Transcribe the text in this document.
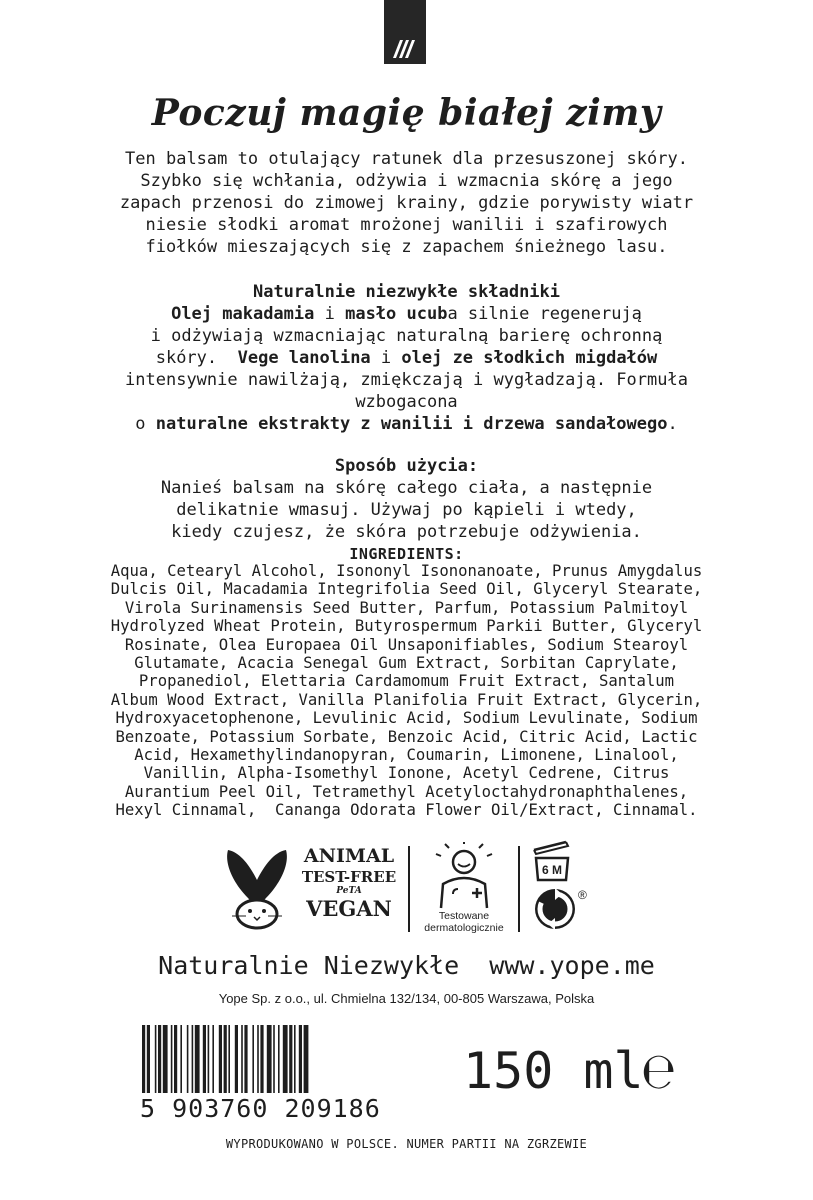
Poczuj magię białej zimy
Ten balsam to otulający ratunek dla przesuszonej skóry.
Szybko się wchłania, odżywia i wzmacnia skórę a jego
zapach przenosi do zimowej krainy, gdzie porywisty wiatr
niesie słodki aromat mrożonej wanilii i szafirowych
fiołków mieszających się z zapachem śnieżnego lasu.
Naturalnie niezwykłe składniki
Olej makadamia i masło ucuba silnie regenerują
i odżywiają wzmacniając naturalną barierę ochronną
skóry.  Vege lanolina i olej ze słodkich migdałów
intensywnie nawilżają, zmiękczają i wygładzają. Formuła
wzbogacona
o naturalne ekstrakty z wanilii i drzewa sandałowego.
Sposób użycia:
Nanieś balsam na skórę całego ciała, a następnie
delikatnie wmasuj. Używaj po kąpieli i wtedy,
kiedy czujesz, że skóra potrzebuje odżywienia.
INGREDIENTS:
Aqua, Cetearyl Alcohol, Isononyl Isononanoate, Prunus Amygdalus
Dulcis Oil, Macadamia Integrifolia Seed Oil, Glyceryl Stearate,
Virola Surinamensis Seed Butter, Parfum, Potassium Palmitoyl
Hydrolyzed Wheat Protein, Butyrospermum Parkii Butter, Glyceryl
Rosinate, Olea Europaea Oil Unsaponifiables, Sodium Stearoyl
Glutamate, Acacia Senegal Gum Extract, Sorbitan Caprylate,
Propanediol, Elettaria Cardamomum Fruit Extract, Santalum
Album Wood Extract, Vanilla Planifolia Fruit Extract, Glycerin,
Hydroxyacetophenone, Levulinic Acid, Sodium Levulinate, Sodium
Benzoate, Potassium Sorbate, Benzoic Acid, Citric Acid, Lactic
Acid, Hexamethylindanopyran, Coumarin, Limonene, Linalool,
Vanillin, Alpha-Isomethyl Ionone, Acetyl Cedrene, Citrus
Aurantium Peel Oil, Tetramethyl Acetyloctahydronaphthalenes,
Hexyl Cinnamal,  Cananga Odorata Flower Oil/Extract, Cinnamal.
ANIMAL
TEST-FREE
PeTA
VEGAN	Testowane
dermatologicznie
6 M
®
Naturalnie Niezwykłe www.yope.me
Yope Sp. z o.o., ul. Chmielna 132/134, 00-805 Warszawa, Polska
5 903760 209186
150 ml℮
WYPRODUKOWANO W POLSCE. NUMER PARTII NA ZGRZEWIE
